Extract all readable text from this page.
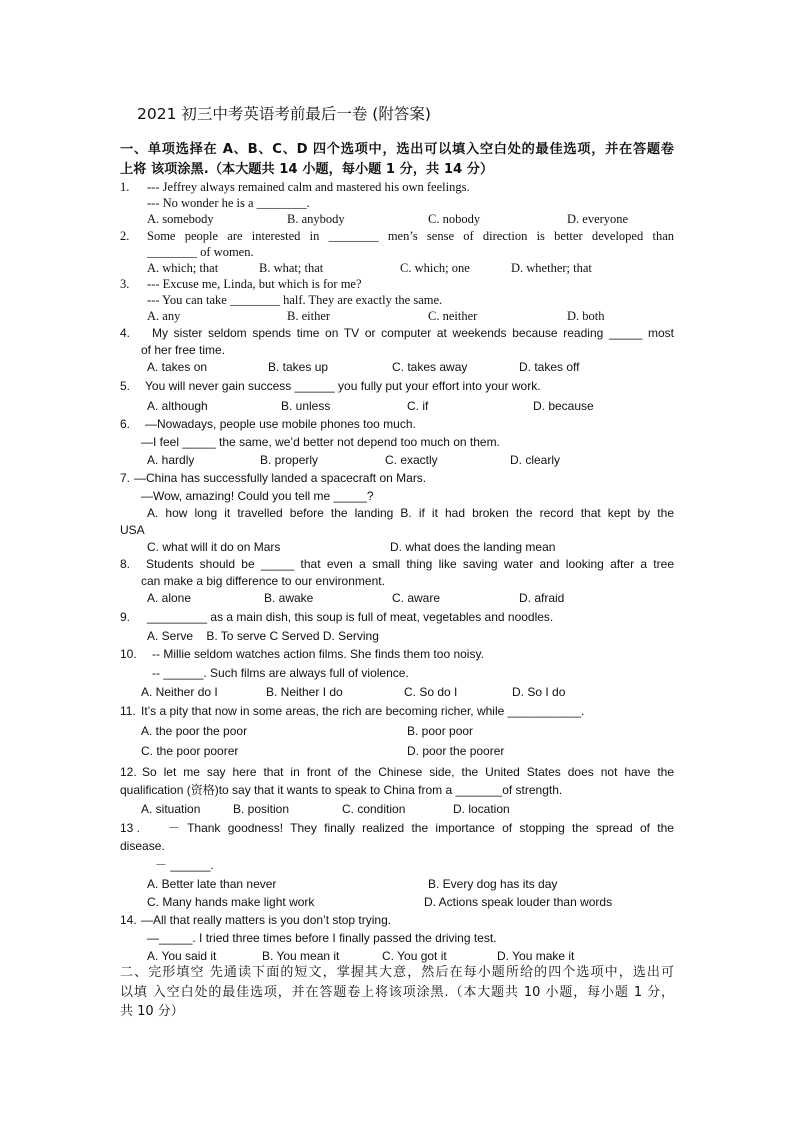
2021 初三中考英语考前最后一卷 (附答案)
一、单项选择在 A、B、C、D 四个选项中，选出可以填入空白处的最佳选项，并在答题卷
上将 该项涂黑.（本大题共 14 小题，每小题 1 分，共 14 分）
1. --- Jeffrey always remained calm and mastered his own feelings.
--- No wonder he is a ________.
A. somebody	B. anybody	C. nobody	D. everyone
2. Some people are interested in ________ men’s sense of direction is better developed than
________ of women.
A. which; that	B. what; that	C. which; one	D. whether; that
3. --- Excuse me, Linda, but which is for me?
--- You can take ________ half. They are exactly the same.
A. any	B. either	C. neither	D. both
4. My sister seldom spends time on TV or computer at weekends because reading _____ most
of her free time.
A. takes on	B. takes up	C. takes away	D. takes off
5. You will never gain success ______ you fully put your effort into your work.
A. although	B. unless	C. if	D. because
6. —Nowadays, people use mobile phones too much.
—I feel _____ the same, we’d better not depend too much on them.
A. hardly	B. properly	C. exactly	D. clearly
7. —China has successfully landed a spacecraft on Mars.
—Wow, amazing! Could you tell me _____?
A. how long it travelled before the landing B. if it had broken the record that kept by the
USA
C. what will it do on Mars	D. what does the landing mean
8. Students should be _____ that even a small thing like saving water and looking after a tree
can make a big difference to our environment.
A. alone	B. awake	C. aware	D. afraid
9. _________ as a main dish, this soup is full of meat, vegetables and noodles.
A. Serve    B. To serve C Served D. Serving
10. -- Millie seldom watches action films. She finds them too noisy.
-- ______. Such films are always full of violence.
A. Neither do I	B. Neither I do	C. So do I	D. So I do
11. It’s a pity that now in some areas, the rich are becoming richer, while ___________.
A. the poor the poor	B. poor poor
C. the poor poorer	D. poor the poorer
12. So let me say here that in front of the Chinese side, the United States does not have the
qualification (资格)to say that it wants to speak to China from a _______of strength.
A. situation	B. position	C. condition	D. location
13 . － Thank goodness! They finally realized the importance of stopping the spread of the
disease.
－ ______.
A. Better late than never	B. Every dog has its day
C. Many hands make light work	D. Actions speak louder than words
14. —All that really matters is you don’t stop trying.
—_____. I tried three times before I finally passed the driving test.
A. You said it	B. You mean it	C. You got it	D. You make it
二、完形填空 先通读下面的短文，掌握其大意，然后在每小题所给的四个选项中，选出可
以填 入空白处的最佳选项，并在答题卷上将该项涂黑.（本大题共 10 小题，每小题 1 分，
共 10 分）
